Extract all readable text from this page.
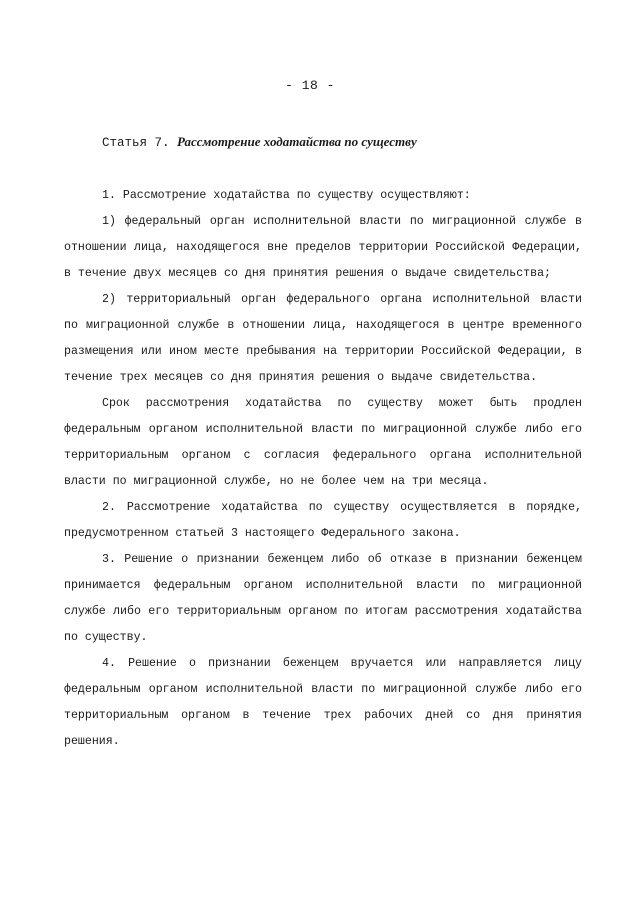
- 18 -
Статья 7. Рассмотрение ходатайства по существу

1. Рассмотрение ходатайства по существу осуществляют:

1) федеральный орган исполнительной власти по миграционной службе в отношении лица, находящегося вне пределов территории Российской Федерации, в течение двух месяцев со дня принятия решения о выдаче свидетельства;

2) территориальный орган федерального органа исполнительной власти по миграционной службе в отношении лица, находящегося в центре временного размещения или ином месте пребывания на территории Российской Федерации, в течение трех месяцев со дня принятия решения о выдаче свидетельства.

Срок рассмотрения ходатайства по существу может быть продлен федеральным органом исполнительной власти по миграционной службе либо его территориальным органом с согласия федерального органа исполнительной власти по миграционной службе, но не более чем на три месяца.

2. Рассмотрение ходатайства по существу осуществляется в порядке, предусмотренном статьей 3 настоящего Федерального закона.

3. Решение о признании беженцем либо об отказе в признании беженцем принимается федеральным органом исполнительной власти по миграционной службе либо его территориальным органом по итогам рассмотрения ходатайства по существу.

4. Решение о признании беженцем вручается или направляется лицу федеральным органом исполнительной власти по миграционной службе либо его территориальным органом в течение трех рабочих дней со дня принятия решения.
